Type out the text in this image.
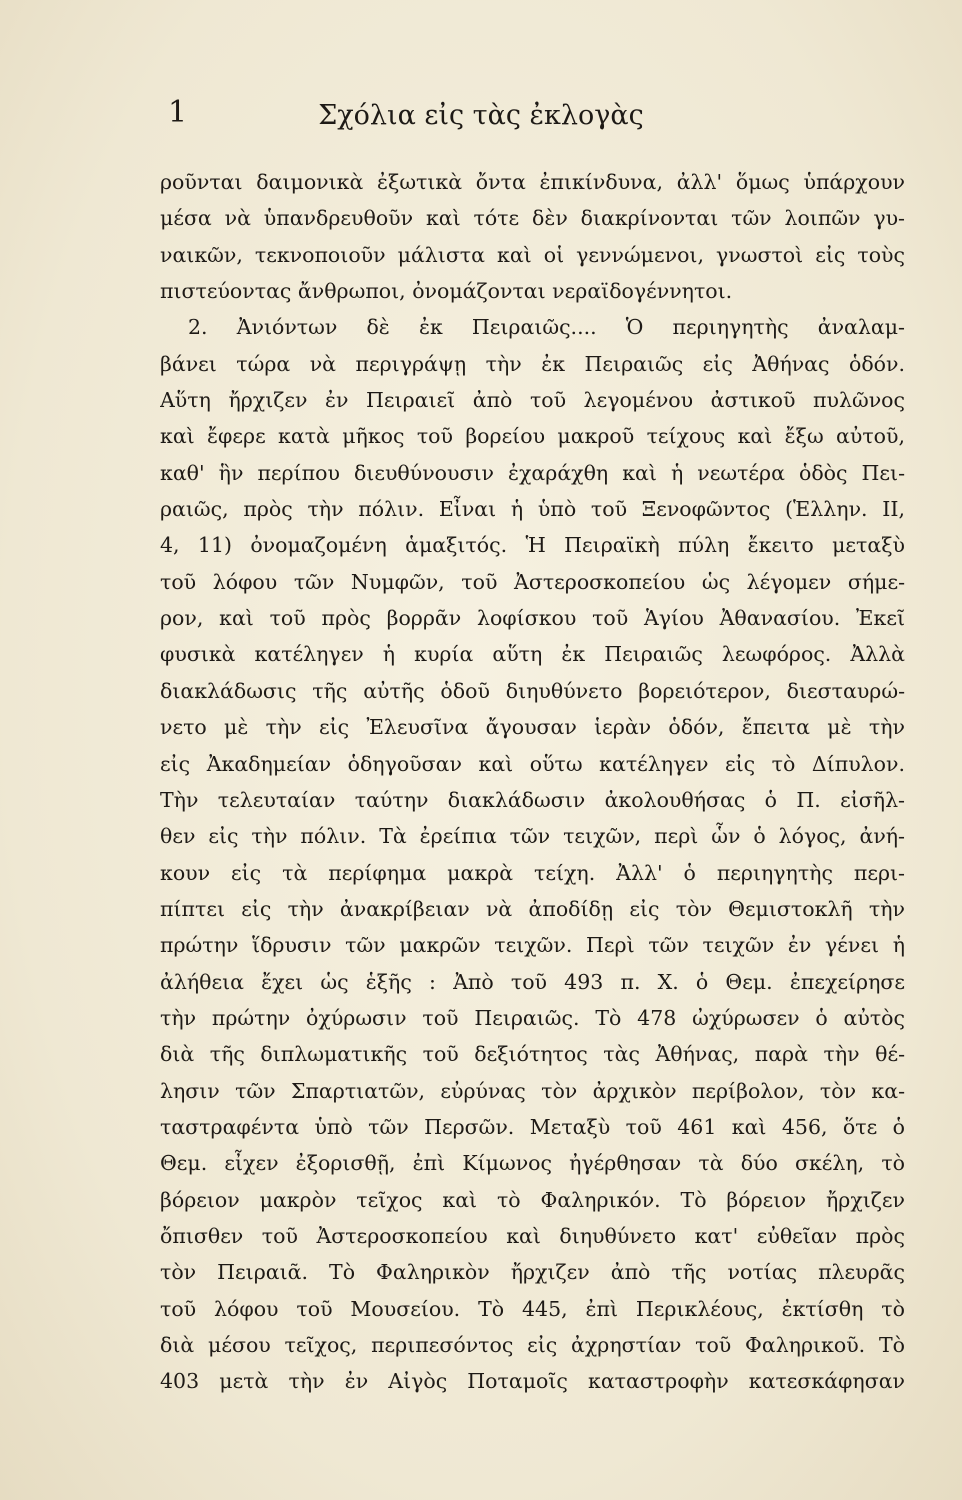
1	Σχόλια εἰς τὰς ἐκλογὰς
ροῦνται δαιμονικὰ ἐξωτικὰ ὄντα ἐπικίνδυνα, ἀλλ' ὅμως ὑπάρχουν
μέσα νὰ ὑπανδρευθοῦν καὶ τότε δὲν διακρίνονται τῶν λοιπῶν γυ-
ναικῶν, τεκνοποιοῦν μάλιστα καὶ οἱ γεννώμενοι, γνωστοὶ εἰς τοὺς
πιστεύοντας ἄνθρωποι, ὀνομάζονται νεραϊδογέννητοι.
2. Ἀνιόντων δὲ ἐκ Πειραιῶς.... Ὁ περιηγητὴς ἀναλαμ-
βάνει τώρα νὰ περιγράψῃ τὴν ἐκ Πειραιῶς εἰς Ἀθήνας ὁδόν.
Αὕτη ἤρχιζεν ἐν Πειραιεῖ ἀπὸ τοῦ λεγομένου ἀστικοῦ πυλῶνος
καὶ ἔφερε κατὰ μῆκος τοῦ βορείου μακροῦ τείχους καὶ ἔξω αὐτοῦ,
καθ' ἣν περίπου διευθύνουσιν ἐχαράχθη καὶ ἡ νεωτέρα ὁδὸς Πει-
ραιῶς, πρὸς τὴν πόλιν. Εἶναι ἡ ὑπὸ τοῦ Ξενοφῶντος (Ἑλλην. II,
4, 11) ὀνομαζομένη ἁμαξιτός. Ἡ Πειραϊκὴ πύλη ἔκειτο μεταξὺ
τοῦ λόφου τῶν Νυμφῶν, τοῦ Ἀστεροσκοπείου ὡς λέγομεν σήμε-
ρον, καὶ τοῦ πρὸς βορρᾶν λοφίσκου τοῦ Ἁγίου Ἀθανασίου. Ἐκεῖ
φυσικὰ κατέληγεν ἡ κυρία αὕτη ἐκ Πειραιῶς λεωφόρος. Ἀλλὰ
διακλάδωσις τῆς αὐτῆς ὁδοῦ διηυθύνετο βορειότερον, διεσταυρώ-
νετο μὲ τὴν εἰς Ἐλευσῖνα ἄγουσαν ἱερὰν ὁδόν, ἔπειτα μὲ τὴν
εἰς Ἀκαδημείαν ὁδηγοῦσαν καὶ οὕτω κατέληγεν εἰς τὸ Δίπυλον.
Τὴν τελευταίαν ταύτην διακλάδωσιν ἀκολουθήσας ὁ Π. εἰσῆλ-
θεν εἰς τὴν πόλιν. Τὰ ἐρείπια τῶν τειχῶν, περὶ ὧν ὁ λόγος, ἀνή-
κουν εἰς τὰ περίφημα μακρὰ τείχη. Ἀλλ' ὁ περιηγητὴς περι-
πίπτει εἰς τὴν ἀνακρίβειαν νὰ ἀποδίδῃ εἰς τὸν Θεμιστοκλῆ τὴν
πρώτην ἵδρυσιν τῶν μακρῶν τειχῶν. Περὶ τῶν τειχῶν ἐν γένει ἡ
ἀλήθεια ἔχει ὡς ἑξῆς : Ἀπὸ τοῦ 493 π. Χ. ὁ Θεμ. ἐπεχείρησε
τὴν πρώτην ὀχύρωσιν τοῦ Πειραιῶς. Τὸ 478 ὠχύρωσεν ὁ αὐτὸς
διὰ τῆς διπλωματικῆς τοῦ δεξιότητος τὰς Ἀθήνας, παρὰ τὴν θέ-
λησιν τῶν Σπαρτιατῶν, εὐρύνας τὸν ἀρχικὸν περίβολον, τὸν κα-
ταστραφέντα ὑπὸ τῶν Περσῶν. Μεταξὺ τοῦ 461 καὶ 456, ὅτε ὁ
Θεμ. εἶχεν ἐξορισθῇ, ἐπὶ Κίμωνος ἠγέρθησαν τὰ δύο σκέλη, τὸ
βόρειον μακρὸν τεῖχος καὶ τὸ Φαληρικόν. Τὸ βόρειον ἤρχιζεν
ὄπισθεν τοῦ Ἀστεροσκοπείου καὶ διηυθύνετο κατ' εὐθεῖαν πρὸς
τὸν Πειραιᾶ. Τὸ Φαληρικὸν ἤρχιζεν ἀπὸ τῆς νοτίας πλευρᾶς
τοῦ λόφου τοῦ Μουσείου. Τὸ 445, ἐπὶ Περικλέους, ἐκτίσθη τὸ
διὰ μέσου τεῖχος, περιπεσόντος εἰς ἀχρηστίαν τοῦ Φαληρικοῦ. Τὸ
403 μετὰ τὴν ἐν Αἰγὸς Ποταμοῖς καταστροφὴν κατεσκάφησαν
